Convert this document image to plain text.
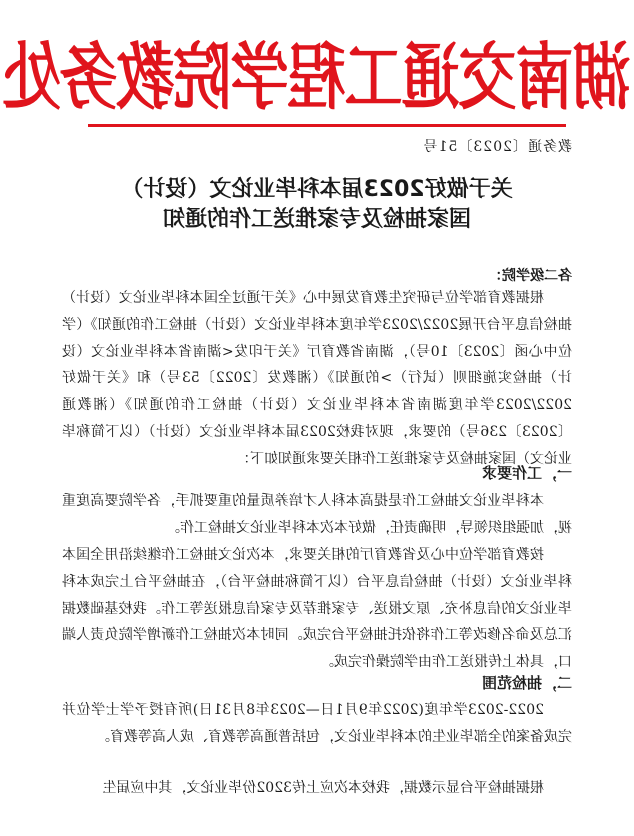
湖南交通工程学院教务处
教务通〔2023〕51号
关于做好2023届本科毕业论文（设计）
国家抽检及专家推送工作的通知
各二级学院：

根据教育部学位与研究生教育发展中心《关于通过全国本科毕业论文（设计）抽检信息平台开展2022/2023学年度本科毕业论文（设计）抽检工作的通知》（学位中心函〔2023〕10号），湖南省教育厅《关于印发<湖南省本科毕业论文（设计）抽检实施细则（试行）>的通知》（湘教发〔2022〕53号）和《关于做好2022/2023学年度湖南省本科毕业论文（设计）抽检工作的通知》（湘教通〔2023〕236号）的要求，现对我校2023届本科毕业论文（设计）（以下简称毕业论文）国家抽检及专家推送工作相关要求通知如下：

一，工作要求

本科毕业论文抽检工作是提高本科人才培养质量的重要抓手，各学院要高度重视，加强组织领导，明确责任，做好本次本科毕业论文抽检工作。

按教育部学位中心及省教育厅的相关要求，本次论文抽检工作继续沿用全国本科毕业论文（设计）抽检信息平台（以下简称抽检平台），在抽检平台上完成本科毕业论文的信息补充、原文报送、专家推荐及专家信息报送等工作。我校基础数据汇总及命名修改等工作将依托抽检平台完成。同时本次抽检工作新增学院负责人端口，具体上传报送工作由学院操作完成。

二，抽检范围

2022-2023学年度(2022年9月1日—2023年8月31日)所有授予学士学位并完成备案的全部毕业生的本科毕业论文，包括普通高等教育、成人高等教育。

根据抽检平台显示数据，我校本次应上传3202份毕业论文，其中应届生
